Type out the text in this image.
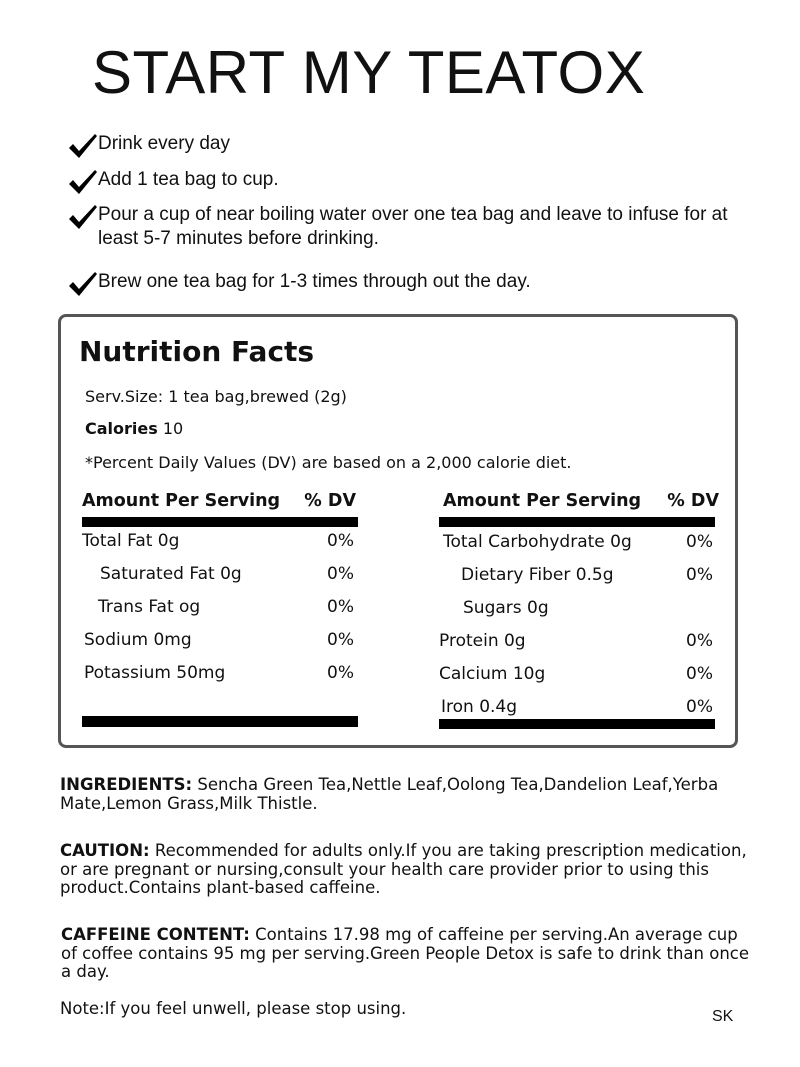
START MY TEATOX
Drink every day
Add 1 tea bag to cup.
Pour a cup of near boiling water over one tea bag and leave to infuse for at least 5-7 minutes before drinking.
Brew one tea bag for 1-3 times through out the day.
Nutrition Facts
Serv.Size: 1 tea bag,brewed (2g)
Calories 10
*Percent Daily Values (DV) are based on a 2,000 calorie diet.
Amount Per Serving % DV
Total Fat 0g	0%
Saturated Fat 0g	0%
Trans Fat og	0%
Sodium 0mg	0%
Potassium 50mg	0%
Amount Per Serving % DV
Total Carbohydrate 0g	0%
Dietary Fiber 0.5g	0%
Sugars 0g
Protein 0g	0%
Calcium 10g	0%
Iron 0.4g	0%

INGREDIENTS: Sencha Green Tea,Nettle Leaf,Oolong Tea,Dandelion Leaf,Yerba Mate,Lemon Grass,Milk Thistle.

CAUTION: Recommended for adults only.If you are taking prescription medication, or are pregnant or nursing,consult your health care provider prior to using this product.Contains plant-based caffeine.

CAFFEINE CONTENT: Contains 17.98 mg of caffeine per serving.An average cup of coffee contains 95 mg per serving.Green People Detox is safe to drink than once a day.

Note:If you feel unwell, please stop using.	SK
